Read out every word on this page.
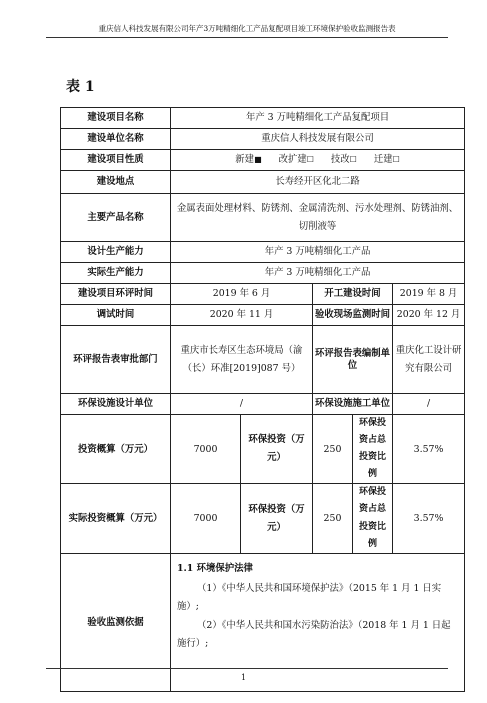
重庆信人科技发展有限公司年产3万吨精细化工产品复配项目竣工环境保护验收监测报告表
表 1
建设项目名称	年产 3 万吨精细化工产品复配项目				
建设单位名称	重庆信人科技发展有限公司				
建设项目性质	新建■ 改扩建☐ 技改☐ 迁建☐				
建设地点	长寿经开区化北二路				
主要产品名称	金属表面处理材料、防锈剂、金属清洗剂、污水处理剂、防锈油剂、切削液等				
设计生产能力	年产 3 万吨精细化工产品				
实际生产能力	年产 3 万吨精细化工产品				
建设项目环评时间	2019 年 6 月		开工建设时间		2019 年 8 月
调试时间	2020 年 11 月		验收现场监测时间		2020 年 12 月
环评报告表审批部门	重庆市长寿区生态环境局（渝（长）环准[2019]087 号）		环评报告表编制单位		重庆化工设计研究有限公司
环保设施设计单位	/		环保设施施工单位		/
投资概算（万元）	7000	环保投资（万元）	250	环保投资占总投资比例	3.57%
实际投资概算（万元）	7000	环保投资（万元）	250	环保投资占总投资比例	3.57%
验收监测依据	1.1 环境保护法律
（1）《中华人民共和国环境保护法》（2015 年 1 月 1 日实施）;
（2）《中华人民共和国水污染防治法》（2018 年 1 月 1 日起施行）;				
1
